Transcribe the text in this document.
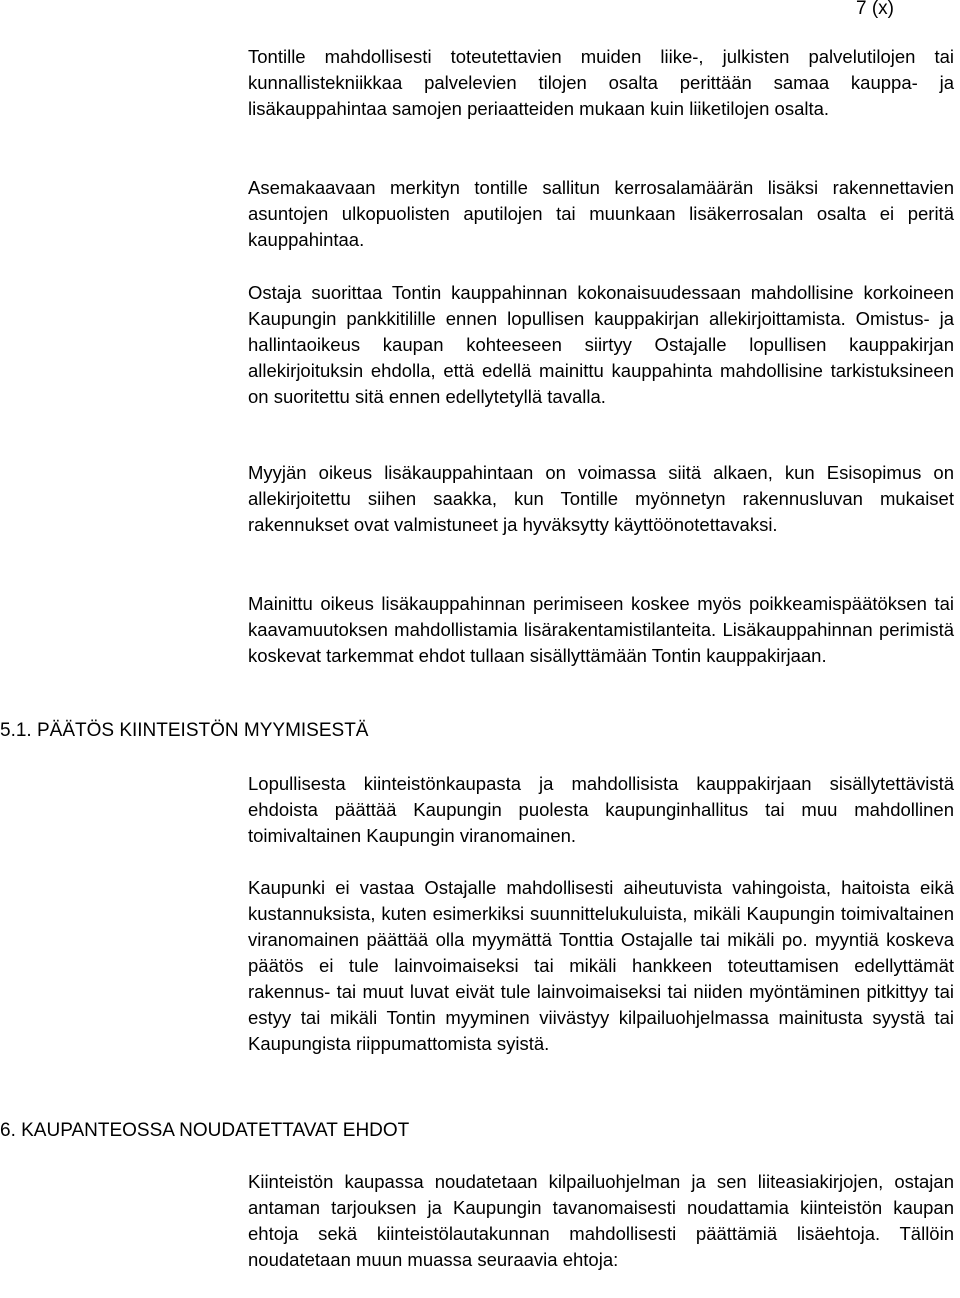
7 (x)

Tontille mahdollisesti toteutettavien muiden liike-, julkisten palvelutilojen tai kunnallistekniikkaa palvelevien tilojen osalta perittään samaa kauppa- ja lisäkauppahintaa samojen periaatteiden mukaan kuin liiketilojen osalta.

Asemakaavaan merkityn tontille sallitun kerrosalamäärän lisäksi rakennettavien asuntojen ulkopuolisten aputilojen tai muunkaan lisäkerrosalan osalta ei peritä kauppahintaa.

Ostaja suorittaa Tontin kauppahinnan kokonaisuudessaan mahdollisine korkoineen Kaupungin pankkitilille ennen lopullisen kauppakirjan allekirjoittamista. Omistus- ja hallintaoikeus kaupan kohteeseen siirtyy Ostajalle lopullisen kauppakirjan allekirjoituksin ehdolla, että edellä mainittu kauppahinta mahdollisine tarkistuksineen on suoritettu sitä ennen edellytetyllä tavalla.

Myyjän oikeus lisäkauppahintaan on voimassa siitä alkaen, kun Esisopimus on allekirjoitettu siihen saakka, kun Tontille myönnetyn rakennusluvan mukaiset rakennukset ovat valmistuneet ja hyväksytty käyttöönotettavaksi.

Mainittu oikeus lisäkauppahinnan perimiseen koskee myös poikkeamispäätöksen tai kaavamuutoksen mahdollistamia lisärakentamistilanteita. Lisäkauppahinnan perimistä koskevat tarkemmat ehdot tullaan sisällyttämään Tontin kauppakirjaan.

5.1. PÄÄTÖS KIINTEISTÖN MYYMISESTÄ

Lopullisesta kiinteistönkaupasta ja mahdollisista kauppakirjaan sisällytettävistä ehdoista päättää Kaupungin puolesta kaupunginhallitus tai muu mahdollinen toimivaltainen Kaupungin viranomainen.

Kaupunki ei vastaa Ostajalle mahdollisesti aiheutuvista vahingoista, haitoista eikä kustannuksista, kuten esimerkiksi suunnittelukuluista, mikäli Kaupungin toimivaltainen viranomainen päättää olla myymättä Tonttia Ostajalle tai mikäli po. myyntiä koskeva päätös ei tule lainvoimaiseksi tai mikäli hankkeen toteuttamisen edellyttämät rakennus- tai muut luvat eivät tule lainvoimaiseksi tai niiden myöntäminen pitkittyy tai estyy tai mikäli Tontin myyminen viivästyy kilpailuohjelmassa mainitusta syystä tai Kaupungista riippumattomista syistä.

6. KAUPANTEOSSA NOUDATETTAVAT EHDOT

Kiinteistön kaupassa noudatetaan kilpailuohjelman ja sen liiteasiakirjojen, ostajan antaman tarjouksen ja Kaupungin tavanomaisesti noudattamia kiinteistön kaupan ehtoja sekä kiinteistölautakunnan mahdollisesti päättämiä lisäehtoja. Tällöin noudatetaan muun muassa seuraavia ehtoja:
